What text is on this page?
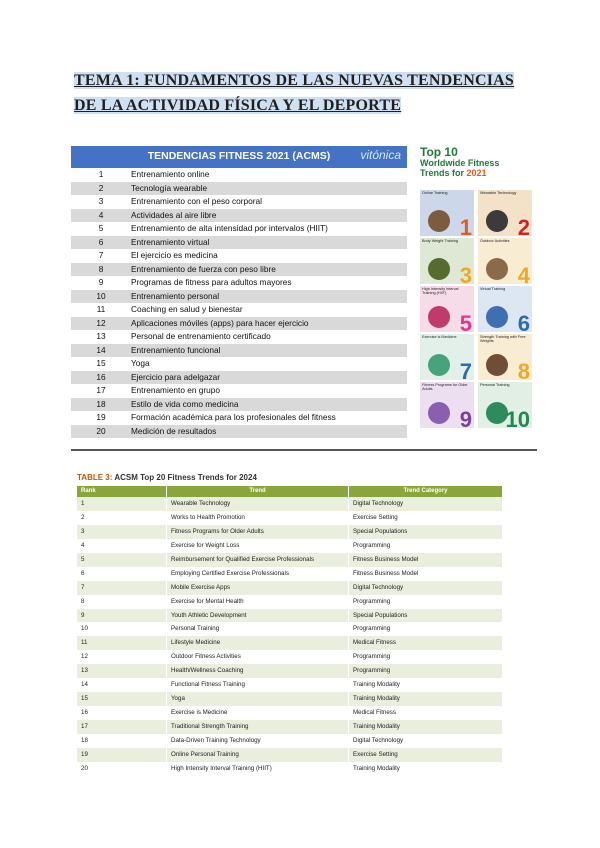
TEMA 1: FUNDAMENTOS DE LAS NUEVAS TENDENCIAS DE LA ACTIVIDAD FÍSICA Y EL DEPORTE
TENDENCIAS FITNESS 2021 (ACMS)	vitónica
1	Entrenamiento online
2	Tecnología wearable
3	Entrenamiento con el peso corporal
4	Actividades al aire libre
5	Entrenamiento de alta intensidad por intervalos (HIIT)
6	Entrenamiento virtual
7	El ejercicio es medicina
8	Entrenamiento de fuerza con peso libre
9	Programas de fitness para adultos mayores
10	Entrenamiento personal
11	Coaching en salud y bienestar
12	Aplicaciones móviles (apps) para hacer ejercicio
13	Personal de entrenamiento certificado
14	Entrenamiento funcional
15	Yoga
16	Ejercicio para adelgazar
17	Entrenamiento en grupo
18	Estilo de vida como medicina
19	Formación académica para los profesionales del fitness
20	Medición de resultados
Top 10
Worldwide Fitness
Trends for 2021
Online Training
1
Wearable Technology
2
Body Weight Training
3
Outdoor Activities
4
High Intensity Interval Training (HIIT)
5
Virtual Training
6
Exercise is Medicine
7
Strength Training with Free Weights
8
Fitness Programs for Older Adults
9
Personal Training
10
TABLE 3: ACSM Top 20 Fitness Trends for 2024
Rank	Trend	Trend Category
1	Wearable Technology	Digital Technology
2	Works to Health Promotion	Exercise Setting
3	Fitness Programs for Older Adults	Special Populations
4	Exercise for Weight Loss	Programming
5	Reimbursement for Qualified Exercise Professionals	Fitness Business Model
6	Employing Certified Exercise Professionals	Fitness Business Model
7	Mobile Exercise Apps	Digital Technology
8	Exercise for Mental Health	Programming
9	Youth Athletic Development	Special Populations
10	Personal Training	Programming
11	Lifestyle Medicine	Medical Fitness
12	Outdoor Fitness Activities	Programming
13	Health/Wellness Coaching	Programming
14	Functional Fitness Training	Training Modality
15	Yoga	Training Modality
16	Exercise is Medicine	Medical Fitness
17	Traditional Strength Training	Training Modality
18	Data-Driven Training Technology	Digital Technology
19	Online Personal Training	Exercise Setting
20	High Intensity Interval Training (HIIT)	Training Modality
